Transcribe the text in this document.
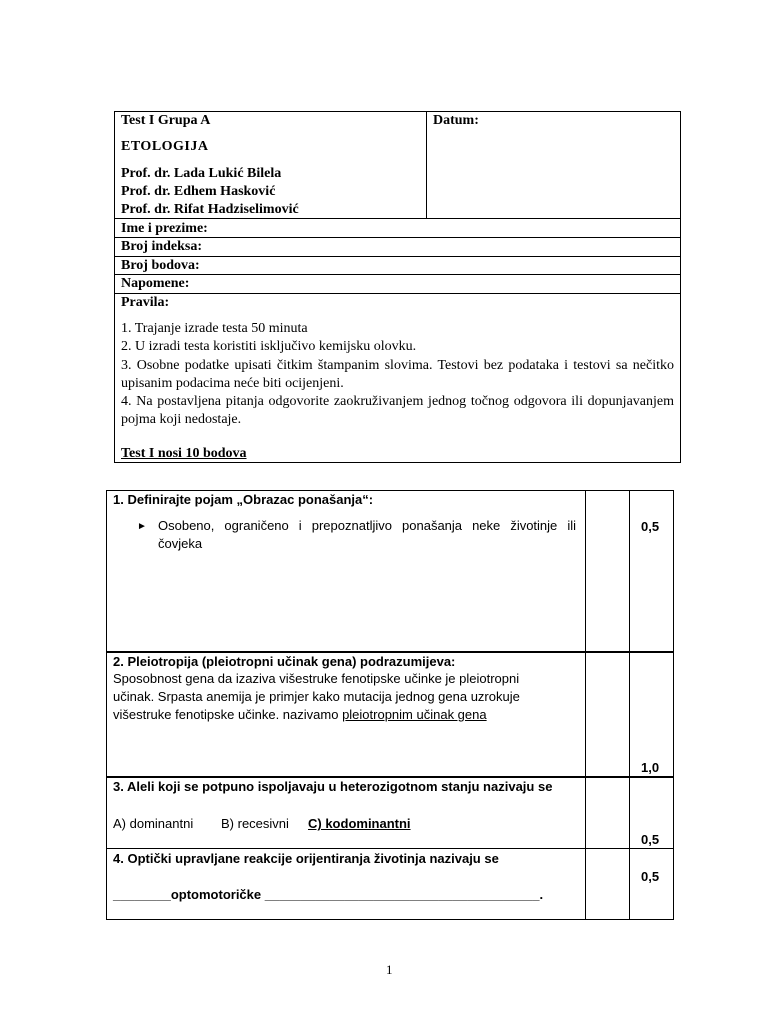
Test I Grupa A	Datum:
ETOLOGIJA
Prof. dr. Lada Lukić Bilela
Prof. dr. Edhem Hasković
Prof. dr. Rifat Hadziselimović
Ime i prezime:
Broj indeksa:
Broj bodova:
Napomene:
Pravila:
1. Trajanje izrade testa 50 minuta
2. U izradi testa koristiti isključivo kemijsku olovku.
3. Osobne podatke upisati čitkim štampanim slovima. Testovi bez podataka i testovi sa nečitko upisanim podacima neće biti ocijenjeni.
4. Na postavljena pitanja odgovorite zaokruživanjem jednog točnog odgovora ili dopunjavanjem pojma koji nedostaje.
Test I nosi 10 bodova
1. Definirajte pojam „Obrazac ponašanja“:
► Osobeno, ograničeno i prepoznatljivo ponašanja neke životinje ili čovjeka
0,5
2. Pleiotropija (pleiotropni učinak gena) podrazumijeva:
Sposobnost gena da izaziva višestruke fenotipske učinke je pleiotropni
učinak. Srpasta anemija je primjer kako mutacija jednog gena uzrokuje
višestruke fenotipske učinke. nazivamo pleiotropnim učinak gena
1,0
3. Aleli koji se potpuno ispoljavaju u heterozigotnom stanju nazivaju se
A) dominantni B) recesivni C) kodominantni
0,5
4. Optički upravljane reakcije orijentiranja životinja nazivaju se
________optomotoričke ______________________________________.
0,5
1
